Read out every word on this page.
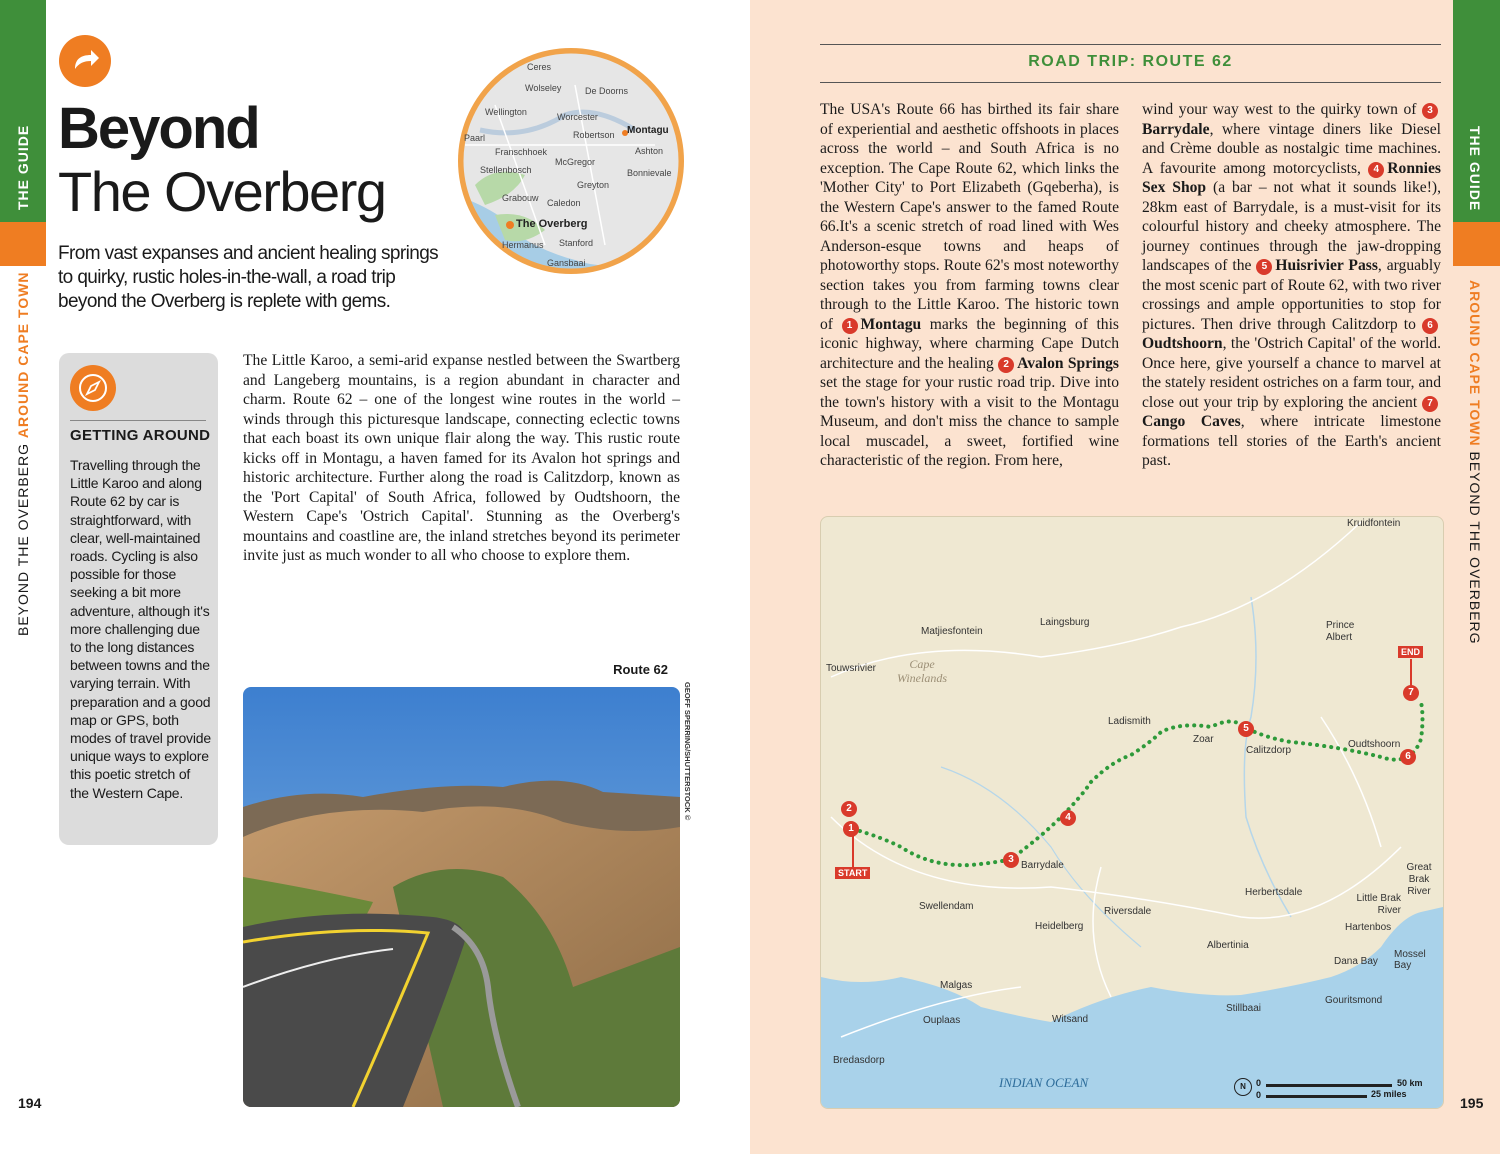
THE GUIDE
BEYOND THE OVERBERG AROUND CAPE TOWN
Beyond
The Overberg
From vast expanses and ancient healing springs to quirky, rustic holes-in-the-wall, a road trip beyond the Overberg is replete with gems.
Ceres
Wolseley	De Doorns
Wellington	Worcester
Paarl	Robertson Montagu
Franschhoek	Ashton
McGregor
Stellenbosch	Bonnievale
Greyton
Grabouw Caledon
The Overberg
Hermanus Stanford
Gansbaai
GETTING AROUND
Travelling through the Little Karoo and along Route 62 by car is straightforward, with clear, well-maintained roads. Cycling is also possible for those seeking a bit more adventure, although it's more challenging due to the long distances between towns and the varying terrain. With preparation and a good map or GPS, both modes of travel provide unique ways to explore this poetic stretch of the Western Cape.
The Little Karoo, a semi-arid expanse nestled between the Swartberg and Langeberg mountains, is a region abundant in character and charm. Route 62 – one of the longest wine routes in the world – winds through this picturesque landscape, connecting eclectic towns that each boast its own unique flair along the way. This rustic route kicks off in Montagu, a haven famed for its Avalon hot springs and historic architecture. Further along the road is Calitzdorp, known as the 'Port Capital' of South Africa, followed by Oudtshoorn, the Western Cape's 'Ostrich Capital'. Stunning as the Overberg's mountains and coastline are, the inland stretches beyond its perimeter invite just as much wonder to all who choose to explore them.
Route 62
GEOFF SPERRING/SHUTTERSTOCK ©
194
THE GUIDE
AROUND CAPE TOWN BEYOND THE OVERBERG
ROAD TRIP: ROUTE 62
The USA's Route 66 has birthed its fair share of experiential and aesthetic offshoots in places across the world – and South Africa is no exception. The Cape Route 62, which links the 'Mother City' to Port Elizabeth (Gqeberha), is the Western Cape's answer to the famed Route 66.It's a scenic stretch of road lined with Wes Anderson-esque towns and heaps of photoworthy stops. Route 62's most noteworthy section takes you from farming towns clear through to the Little Karoo. The historic town of 1 Montagu marks the beginning of this iconic highway, where charming Cape Dutch architecture and the healing 2 Avalon Springs set the stage for your rustic road trip. Dive into the town's history with a visit to the Montagu Museum, and don't miss the chance to sample local muscadel, a sweet, fortified wine characteristic of the region. From here,
wind your way west to the quirky town of 3Barrydale, where vintage diners like Diesel and Crème double as nostalgic time machines. A favourite among motorcyclists, 4 Ronnies Sex Shop (a bar – not what it sounds like!), 28km east of Barrydale, is a must-visit for its colourful history and cheeky atmosphere. The journey continues through the jaw-dropping landscapes of the 5 Huisrivier Pass, arguably the most scenic part of Route 62, with two river crossings and ample opportunities to stop for pictures. Then drive through Calitzdorp to 6Oudtshoorn, the 'Ostrich Capital' of the world. Once here, give yourself a chance to marvel at the stately resident ostriches on a farm tour, and close out your trip by exploring the ancient 7Cango Caves, where intricate limestone formations tell stories of the Earth's ancient past.
START
END
1
2
3
4
5
6
7
Kruidfontein
Laingsburg
Matjiesfontein
Prince Albert
Touwsrivier
Ladismith
Zoar
Calitzdorp
Oudtshoorn
Barrydale	Great Brak River
Little Brak River
Herbertsdale
Swellendam	Riversdale
Heidelberg	Hartenbos
Albertinia
Mossel Bay
Dana Bay
Malgas
Gouritsmond
Stillbaai
Ouplaas	Witsand
Bredasdorp
Cape Winelands
INDIAN OCEAN	N	0
0
50 km
25 miles
195
